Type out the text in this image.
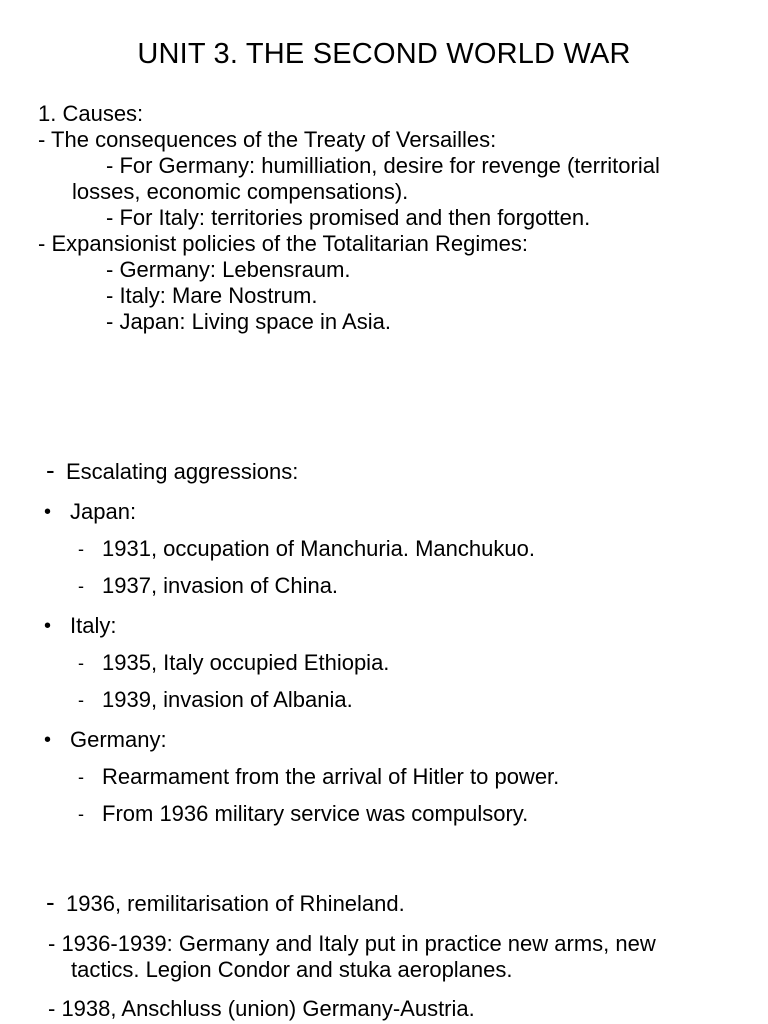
UNIT 3. THE SECOND WORLD WAR
1. Causes:
- The consequences of the Treaty of Versailles:
- For Germany: humilliation, desire for revenge (territorial
losses, economic compensations).
- For Italy: territories promised and then forgotten.
- Expansionist policies of the Totalitarian Regimes:
- Germany: Lebensraum.
- Italy: Mare Nostrum.
- Japan: Living space in Asia.
- Escalating aggressions:
• Japan:
- 1931, occupation of Manchuria. Manchukuo.
- 1937, invasion of China.
• Italy:
- 1935, Italy occupied Ethiopia.
- 1939, invasion of Albania.
• Germany:
- Rearmament from the arrival of Hitler to power.
- From 1936 military service was compulsory.
- 1936, remilitarisation of Rhineland.
- 1936-1939: Germany and Italy put in practice new arms, new
tactics. Legion Condor and stuka aeroplanes.
- 1938, Anschluss (union) Germany-Austria.
